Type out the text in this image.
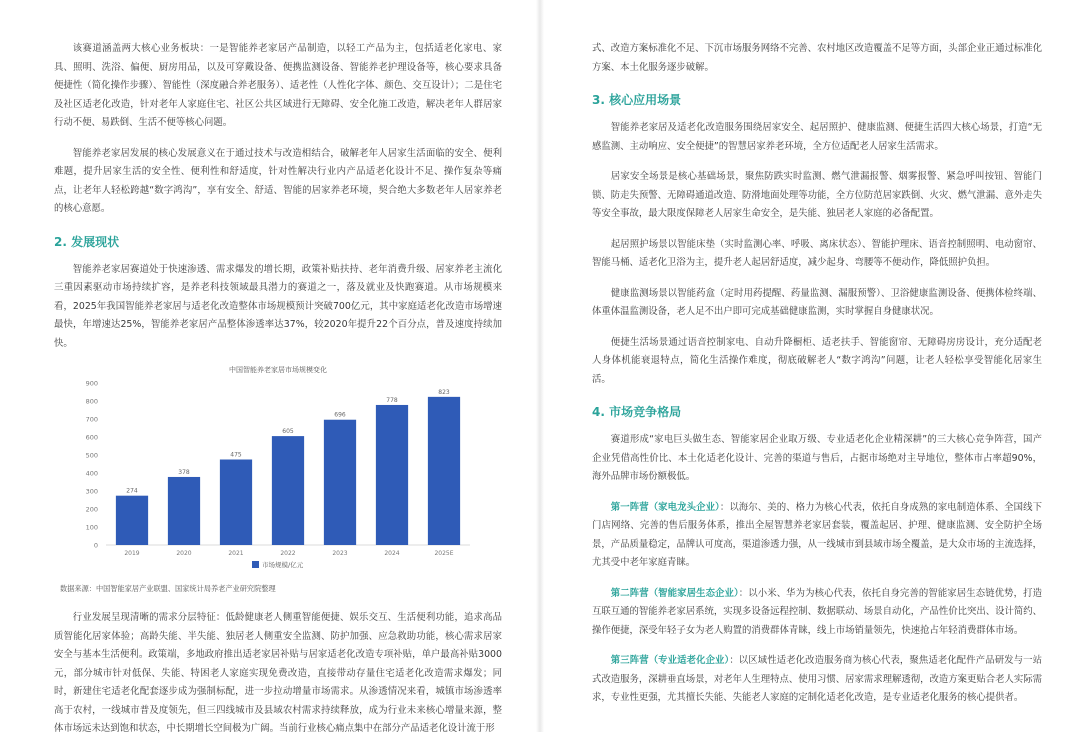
该赛道涵盖两大核心业务板块：一是智能养老家居产品制造，以轻工产品为主，包括适老化家电、家具、照明、洗浴、偏便、厨房用品，以及可穿戴设备、便携监测设备、智能养老护理设备等，核心要求具备便捷性（简化操作步骤）、智能性（深度融合养老服务）、适老性（人性化字体、颜色、交互设计）；二是住宅及社区适老化改造，针对老年人家庭住宅、社区公共区域进行无障碍、安全化施工改造，解决老年人群居家行动不便、易跌倒、生活不便等核心问题。

智能养老家居发展的核心发展意义在于通过技术与改造相结合，破解老年人居家生活面临的安全、便利难题，提升居家生活的安全性、便利性和舒适度，针对性解决行业内产品适老化设计不足、操作复杂等痛点，让老年人轻松跨越“数字鸿沟”，享有安全、舒适、智能的居家养老环境，契合绝大多数老年人居家养老的核心意愿。

2. 发展现状

智能养老家居赛道处于快速渗透、需求爆发的增长期，政策补贴扶持、老年消费升级、居家养老主流化三重因素驱动市场持续扩容，是养老科技领域最具潜力的赛道之一，落及就业及快跑赛道。从市场规模来看，2025年我国智能养老家居与适老化改造整体市场规模预计突破700亿元，其中家庭适老化改造市场增速最快，年增速达25%，智能养老家居产品整体渗透率达37%，较2020年提升22个百分点，普及速度持续加快。

中国智能养老家居市场规模变化
0
100
200
300
400
500
600
700
800
900
274
2019
378
2020
475
2021
605
2022
696
2023
778
2024
823
2025E
市场规模/亿元

数据来源：中国智能家居产业联盟、国家统计局养老产业研究院整理

行业发展呈现清晰的需求分层特征：低龄健康老人侧重智能便捷、娱乐交互、生活便利功能，追求高品质智能化居家体验；高龄失能、半失能、独居老人侧重安全监测、防护加强、应急救助功能，核心需求居家安全与基本生活便利。政策端，多地政府推出适老家居补贴与居家适老化改造专项补贴，单户最高补贴3000元，部分城市针对低保、失能、特困老人家庭实现免费改造，直接带动存量住宅适老化改造需求爆发；同时，新建住宅适老化配套逐步成为强制标配，进一步拉动增量市场需求。从渗透情况来看，城镇市场渗透率高于农村，一线城市普及度领先，但三四线城市及县域农村需求持续释放，成为行业未来核心增量来源，整体市场远未达到饱和状态，中长期增长空间极为广阔。当前行业核心痛点集中在部分产品适老化设计流于形

式、改造方案标准化不足、下沉市场服务网络不完善、农村地区改造覆盖不足等方面，头部企业正通过标准化方案、本土化服务逐步破解。

3. 核心应用场景

智能养老家居及适老化改造服务围绕居家安全、起居照护、健康监测、便捷生活四大核心场景，打造“无感监测、主动响应、安全便捷”的智慧居家养老环境，全方位适配老人居家生活需求。

居家安全场景是核心基础场景，聚焦防跌实时监测、燃气泄漏报警、烟雾报警、紧急呼叫按钮、智能门锁、防走失预警、无障碍通道改造、防滑地面处理等功能，全方位防范居家跌倒、火灾、燃气泄漏、意外走失等安全事故，最大限度保障老人居家生命安全，是失能、独居老人家庭的必备配置。

起居照护场景以智能床垫（实时监测心率、呼吸、离床状态）、智能护理床、语音控制照明、电动窗帘、智能马桶、适老化卫浴为主，提升老人起居舒适度，减少起身、弯腰等不便动作，降低照护负担。

健康监测场景以智能药盒（定时用药提醒、药量监测、漏服预警）、卫浴健康监测设备、便携体检终端、体重体温监测设备，老人足不出户即可完成基础健康监测，实时掌握自身健康状况。

便捷生活场景通过语音控制家电、自动升降橱柜、适老扶手、智能窗帘、无障碍房房设计，充分适配老人身体机能衰退特点，简化生活操作难度，彻底破解老人“数字鸿沟”问题，让老人轻松享受智能化居家生活。

4. 市场竞争格局

赛道形成“家电巨头做生态、智能家居企业取万级、专业适老化企业精深耕”的三大核心竞争阵营，国产企业凭借高性价比、本土化适老化设计、完善的渠道与售后，占据市场绝对主导地位，整体市占率超90%，海外品牌市场份额极低。

第一阵营（家电龙头企业）：以海尔、美的、格力为核心代表，依托自身成熟的家电制造体系、全国线下门店网络、完善的售后服务体系，推出全屋智慧养老家居套装，覆盖起居、护理、健康监测、安全防护全场景，产品质量稳定，品牌认可度高，渠道渗透力强，从一线城市到县域市场全覆盖，是大众市场的主流选择，尤其受中老年家庭青睐。

第二阵营（智能家居生态企业）：以小米、华为为核心代表，依托自身完善的智能家居生态链优势，打造互联互通的智能养老家居系统，实现多设备远程控制、数据联动、场景自动化，产品性价比突出、设计简约、操作便捷，深受年轻子女为老人购置的消费群体青睐，线上市场销量领先，快速抢占年轻消费群体市场。

第三阵营（专业适老化企业）：以区域性适老化改造服务商为核心代表，聚焦适老化配件产品研发与一站式改造服务，深耕垂直场景，对老年人生理特点、使用习惯、居家需求理解透彻，改造方案更贴合老人实际需求，专业性更强，尤其擅长失能、失能老人家庭的定制化适老化改造，是专业适老化服务的核心提供者。
